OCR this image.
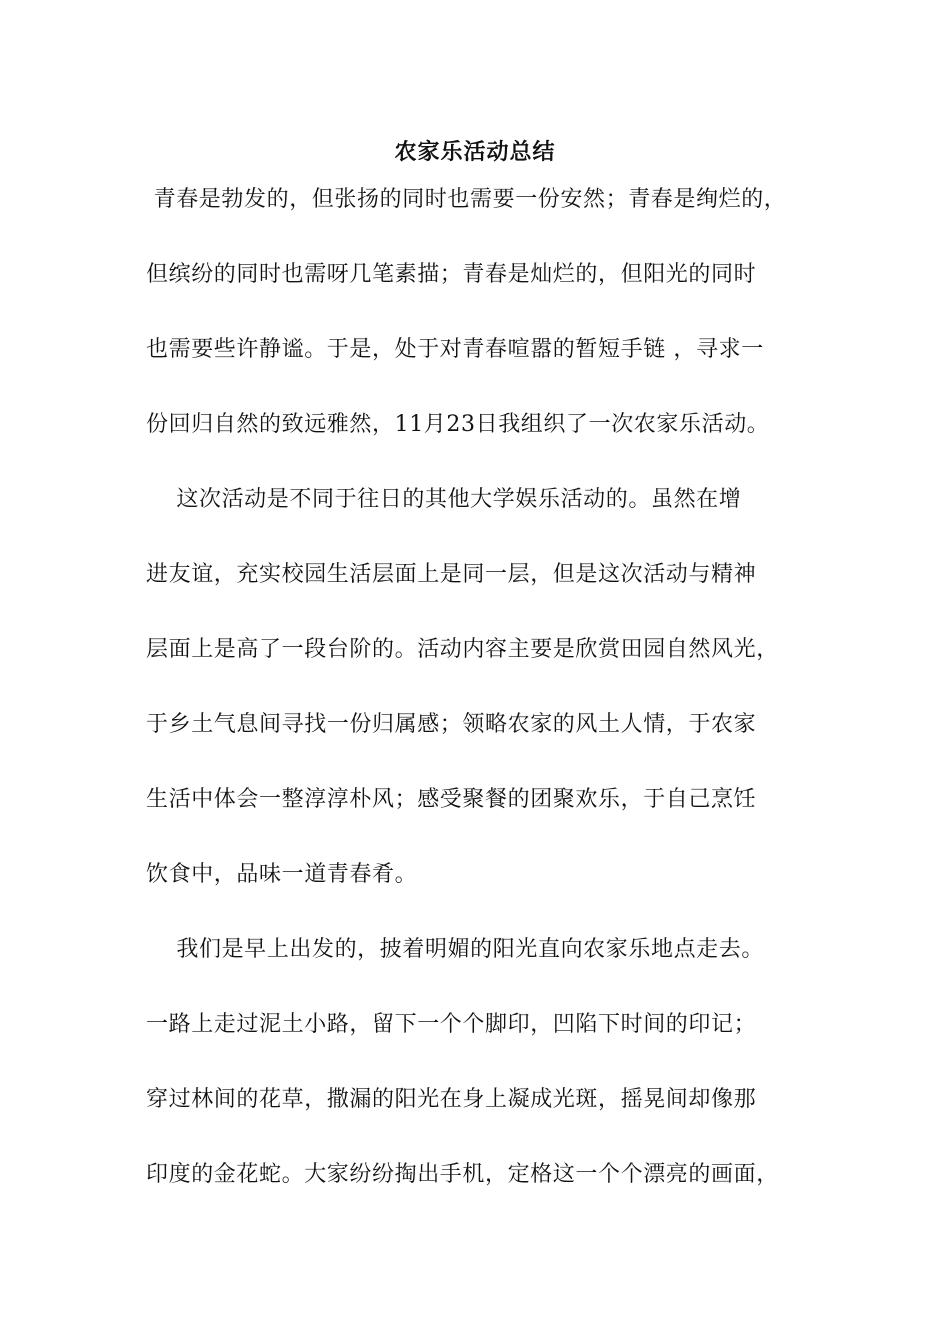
农家乐活动总结
青春是勃发的，但张扬的同时也需要一份安然；青春是绚烂的，
但缤纷的同时也需呀几笔素描；青春是灿烂的，但阳光的同时
也需要些许静谧。于是，处于对青春喧嚣的暂短手链 ，寻求一
份回归自然的致远雅然，11月23日我组织了一次农家乐活动。
这次活动是不同于往日的其他大学娱乐活动的。虽然在增
进友谊，充实校园生活层面上是同一层，但是这次活动与精神
层面上是高了一段台阶的。活动内容主要是欣赏田园自然风光，
于乡土气息间寻找一份归属感；领略农家的风土人情，于农家
生活中体会一整淳淳朴风；感受聚餐的团聚欢乐，于自己烹饪
饮食中，品味一道青春肴。
我们是早上出发的，披着明媚的阳光直向农家乐地点走去。
一路上走过泥土小路，留下一个个脚印，凹陷下时间的印记；
穿过林间的花草，撒漏的阳光在身上凝成光斑，摇晃间却像那
印度的金花蛇。大家纷纷掏出手机，定格这一个个漂亮的画面，
